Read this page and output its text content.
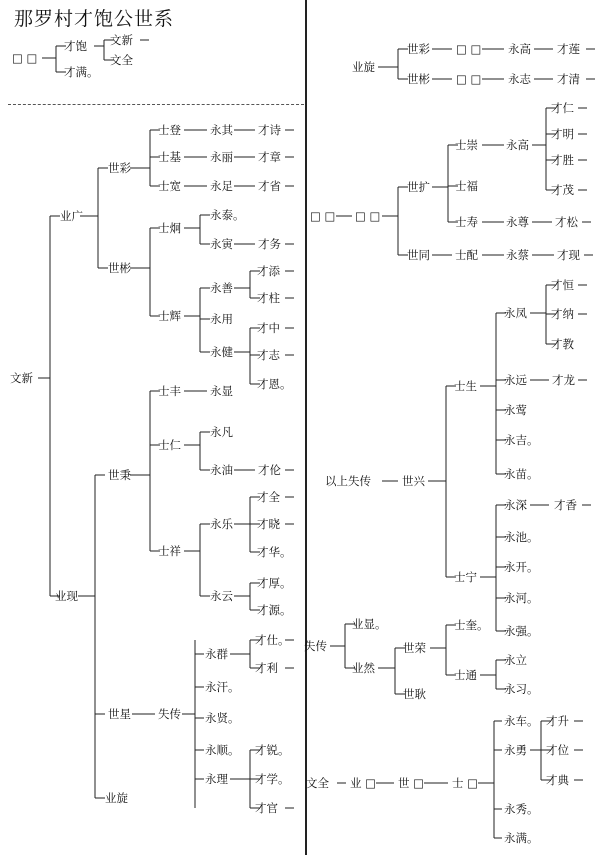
那罗村才饱公世系
□ □
才饱
才满。
文新
文全
文新
业广
业现
世彩
世彬
士登
士基
士宽
士炯
士辉
永其
永丽
永足
永泰。
永寅
才诗
才章
才省
才务
永善
永用
永健
才添
才柱
才中
才志
才恩。
世秉
士丰
士仁
士祥
永显
永凡
永油 才伦
永乐
永云
才全
才晓
才华。
才厚。
才源。
世星 失传
业旋
永群
永汗。
永贤。
永顺。
永理
才仕。
才利
才锐。
才学。
才官
业旋
世彩
世彬
□ □
□ □
永高
永志
才莲
才清
□ □ □ □
世扩
世同
士崇
士福
士寿
士配
永高
永尊
永蔡
才仁
才明
才胜
才茂
才松
才现
以上失传	世兴
士生
士宁
永凤
永远
永莺
永吉。
永苗。
才恒
才纳
才教
才龙
永深
永池。
永开。
永河。
永强。
才香
失传
业显。
业然
世荣
世耿
士奎。
士通
永立
永习。
文全 业 □ 世 □ 士 □
永车。
永勇
永秀。
永满。
才升
才位
才典
